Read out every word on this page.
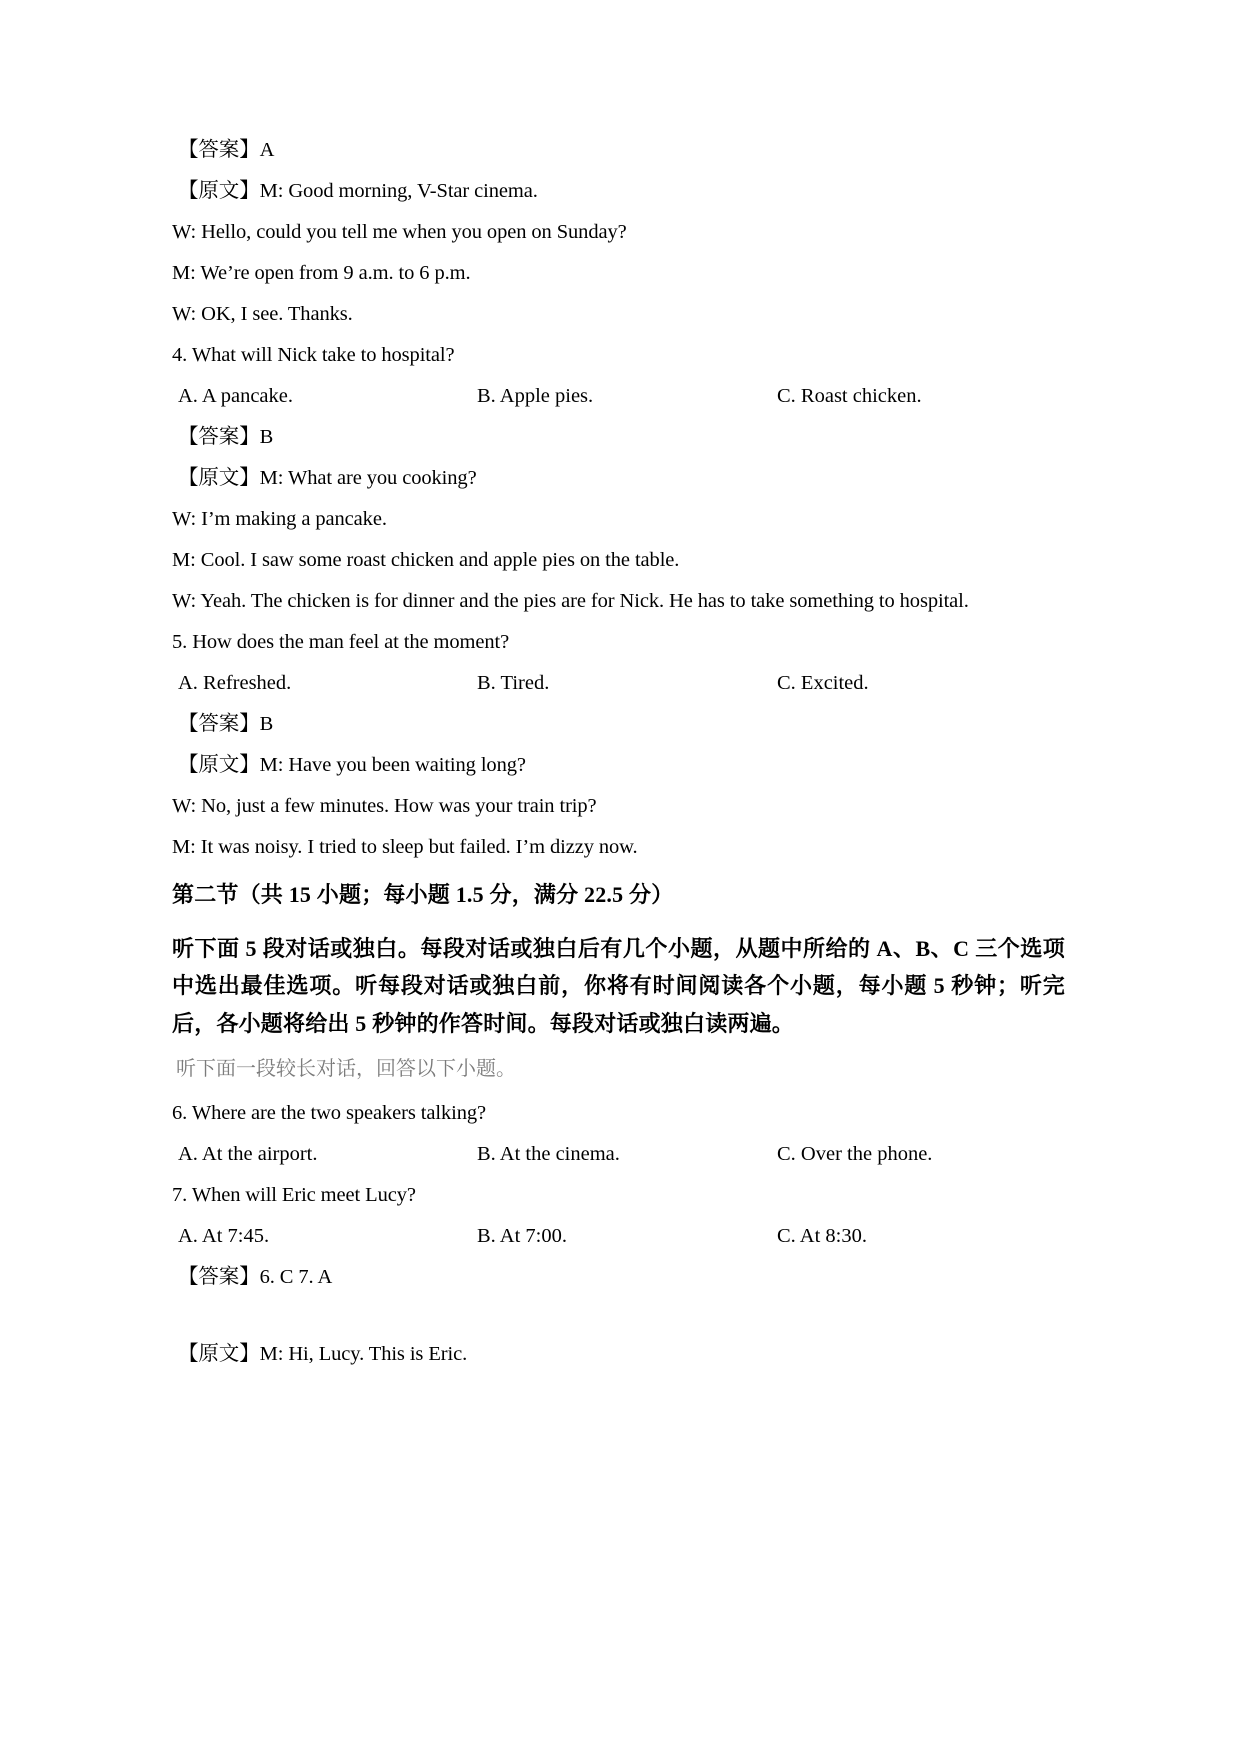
【答案】A

【原文】M: Good morning, V-Star cinema.

W: Hello, could you tell me when you open on Sunday?

M: We’re open from 9 a.m. to 6 p.m.

W: OK, I see. Thanks.

4. What will Nick take to hospital?

A. A pancake.	B. Apple pies.	C. Roast chicken.

【答案】B

【原文】M: What are you cooking?

W: I’m making a pancake.

M: Cool. I saw some roast chicken and apple pies on the table.

W: Yeah. The chicken is for dinner and the pies are for Nick. He has to take something to hospital.

5. How does the man feel at the moment?

A. Refreshed.	B. Tired.	C. Excited.

【答案】B

【原文】M: Have you been waiting long?

W: No, just a few minutes. How was your train trip?

M: It was noisy. I tried to sleep but failed. I’m dizzy now.

第二节（共 15 小题；每小题 1.5 分，满分 22.5 分）

听下面 5 段对话或独白。每段对话或独白后有几个小题，从题中所给的 A、B、C 三个选项中选出最佳选项。听每段对话或独白前，你将有时间阅读各个小题，每小题 5 秒钟；听完后，各小题将给出 5 秒钟的作答时间。每段对话或独白读两遍。

听下面一段较长对话，回答以下小题。

6. Where are the two speakers talking?

A. At the airport.	B. At the cinema.	C. Over the phone.

7. When will Eric meet Lucy?

A. At 7:45.	B. At 7:00.	C. At 8:30.

【答案】6. C 7. A

【原文】M: Hi, Lucy. This is Eric.
